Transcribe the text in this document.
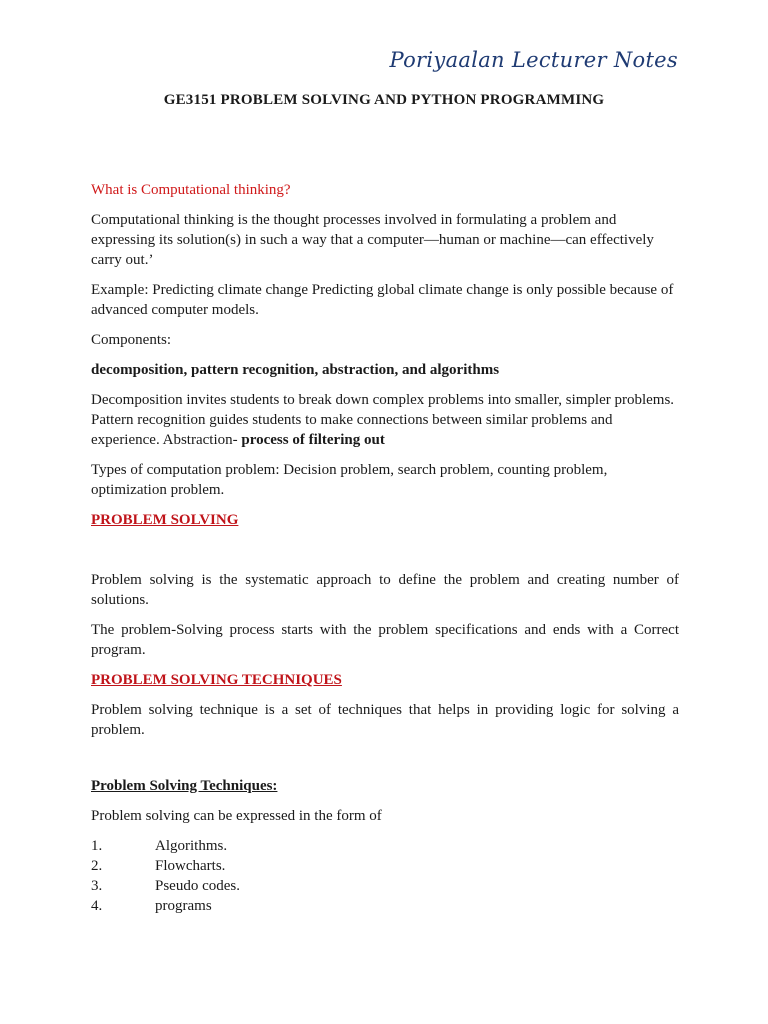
Poriyaalan Lecturer Notes
GE3151 PROBLEM SOLVING AND PYTHON PROGRAMMING

What is Computational thinking?

Computational thinking is the thought processes involved in formulating a problem and expressing its solution(s) in such a way that a computer—human or machine—can effectively carry out.’

Example: Predicting climate change Predicting global climate change is only possible because of advanced computer models.

Components:

decomposition, pattern recognition, abstraction, and algorithms

Decomposition invites students to break down complex problems into smaller, simpler problems. Pattern recognition guides students to make connections between similar problems and experience. Abstraction- process of filtering out

Types of computation problem: Decision problem, search problem, counting problem, optimization problem.

PROBLEM SOLVING

Problem solving is the systematic approach to define the problem and creating number of solutions.

The problem-Solving process starts with the problem specifications and ends with a Correct program.

PROBLEM SOLVING TECHNIQUES

Problem solving technique is a set of techniques that helps in providing logic for solving a problem.

Problem Solving Techniques:

Problem solving can be expressed in the form of

1.	Algorithms.
2.	Flowcharts.
3.	Pseudo codes.
4.	programs
